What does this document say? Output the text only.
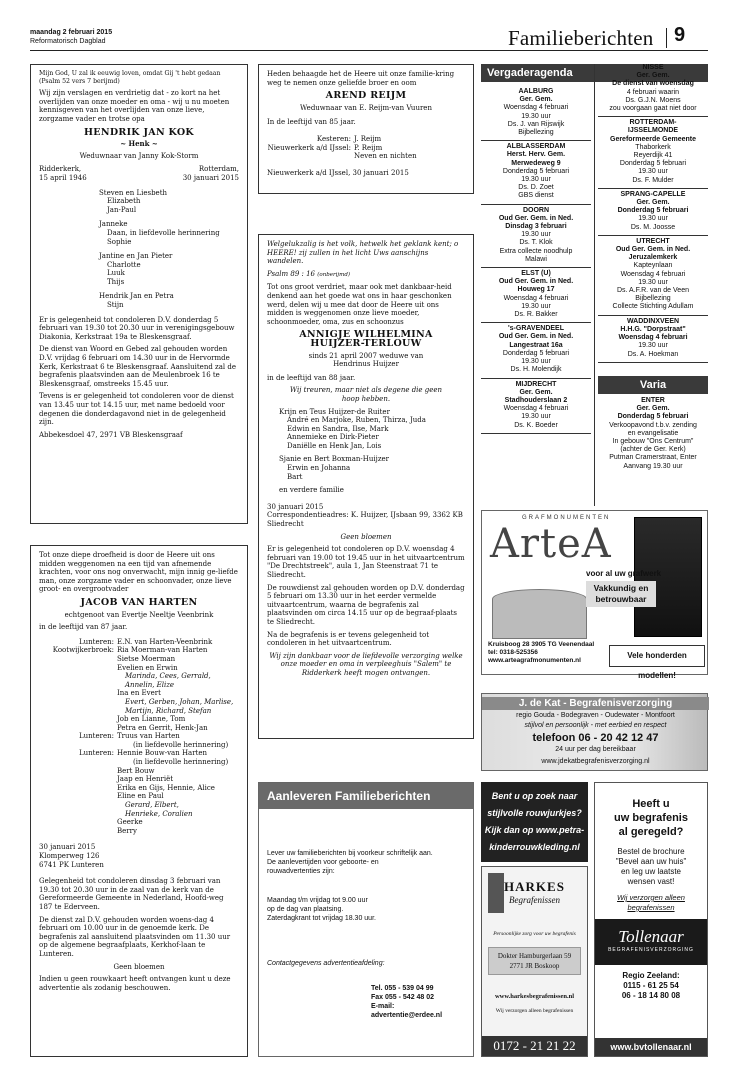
maandag 2 februari 2015
Reformatorisch Dagblad	Familieberichten 9

Mijn God, U zal ik eeuwig loven, omdat Gij 't hebt gedaan (Psalm 52 vers 7 berijmd)

Wij zijn verslagen en verdrietig dat - zo kort na het overlijden van onze moeder en oma - wij u nu moeten kennisgeven van het overlijden van onze lieve, zorgzame vader en trotse opa

HENDRIK JAN KOK
~ Henk ~
Weduwnaar van Janny Kok-Storm
Ridderkerk,	Rotterdam,
15 april 1946	30 januari 2015
Steven en Liesbeth
Elizabeth
Jan-Paul
Janneke
Daan, in liefdevolle herinnering
Sophie
Jantine en Jan Pieter
Charlotte
Luuk
Thijs
Hendrik Jan en Petra
Stijn

Er is gelegenheid tot condoleren D.V. donderdag 5 februari van 19.30 tot 20.30 uur in verenigingsgebouw Diakonia, Kerkstraat 19a te Bleskensgraaf.

De dienst van Woord en Gebed zal gehouden worden D.V. vrijdag 6 februari om 14.30 uur in de Hervormde Kerk, Kerkstraat 6 te Bleskensgraaf. Aansluitend zal de begrafenis plaatsvinden aan de Meulenbroek 16 te Bleskensgraaf, omstreeks 15.45 uur.

Tevens is er gelegenheid tot condoleren voor de dienst van 13.45 uur tot 14.15 uur, met name bedoeld voor degenen die donderdagavond niet in de gelegenheid zijn.

Abbekesdoel 47, 2971 VB Bleskensgraaf

Heden behaagde het de Heere uit onze familie-kring weg te nemen onze geliefde broer en oom

AREND REIJM
Weduwnaar van E. Reijm-van Vuuren

In de leeftijd van 85 jaar.

Kesteren: J. Reijm
Nieuwerkerk a/d IJssel: P. Reijm
Neven en nichten

Nieuwerkerk a/d IJssel, 30 januari 2015

Welgelukzalig is het volk, hetwelk het geklank kent; o HEERE! zij zullen in het licht Uws aanschijns wandelen.

Psalm 89 : 16 (onberijmd)

Tot ons groot verdriet, maar ook met dankbaar-heid denkend aan het goede wat ons in haar geschonken werd, delen wij u mee dat door de Heere uit ons midden is weggenomen onze lieve moeder, schoonmoeder, oma, zus en schoonzus

ANNIGJE WILHELMINA
HUIJZER-TERLOUW
sinds 21 april 2007 weduwe van
Hendrinus Huijzer

in de leeftijd van 88 jaar.

Wij treuren, maar niet als degene die geen hoop hebben.

Krijn en Teus Huijzer-de Ruiter
André en Marjoke, Ruben, Thirza, Juda
Edwin en Sandra, Ilse, Mark
Annemieke en Dirk-Pieter
Daniëlle en Henk Jan, Lois
Sjanie en Bert Boxman-Huijzer
Erwin en Johanna
Bart

en verdere familie

30 januari 2015

Correspondentieadres: K. Huijzer, IJsbaan 99, 3362 KB Sliedrecht

Geen bloemen

Er is gelegenheid tot condoleren op D.V. woensdag 4 februari van 19.00 tot 19.45 uur in het uitvaartcentrum "De Drechtstreek", aula 1, Jan Steenstraat 71 te Sliedrecht.

De rouwdienst zal gehouden worden op D.V. donderdag 5 februari om 13.30 uur in het eerder vermelde uitvaartcentrum, waarna de begrafenis zal plaatsvinden om circa 14.15 uur op de begraaf-plaats te Sliedrecht.

Na de begrafenis is er tevens gelegenheid tot condoleren in het uitvaartcentrum.

Wij zijn dankbaar voor de liefdevolle verzorging welke onze moeder en oma in verpleeghuis "Salem" te Ridderkerk heeft mogen ontvangen.

Tot onze diepe droefheid is door de Heere uit ons midden weggenomen na een tijd van afnemende krachten, voor ons nog onverwacht, mijn innig ge-liefde man, onze zorgzame vader en schoonvader, onze lieve groot- en overgrootvader

JACOB VAN HARTEN
echtgenoot van Evertje Neeltje Veenbrink

in de leeftijd van 87 jaar.

Lunteren: E.N. van Harten-Veenbrink
Kootwijkerbroek: Ria Moerman-van Harten
Sietse Moerman
Evelien en Erwin
Marinda, Cees, Gerrald,
Annelin, Elize
Ina en Evert
Evert, Gerben, Johan, Marlise,
Martijn, Richard, Stefan
Job en Lianne, Tom
Petra en Gerrit, Henk-Jan
Lunteren: Truus van Harten
(in liefdevolle herinnering)
Lunteren: Hennie Bouw-van Harten
(in liefdevolle herinnering)
Bert Bouw
Jaap en Henriët
Erika en Gijs, Hennie, Alice
Eline en Paul
Gerard, Elbert,
Henrieke, Coralien
Geerke
Berry
30 januari 2015
Klomperweg 126
6741 PK Lunteren

Gelegenheid tot condoleren dinsdag 3 februari van 19.30 tot 20.30 uur in de zaal van de kerk van de Gereformeerde Gemeente in Nederland, Hoofd-weg 187 te Ederveen.

De dienst zal D.V. gehouden worden woens-dag 4 februari om 10.00 uur in de genoemde kerk. De begrafenis zal aansluitend plaatsvinden om 11.30 uur op de algemene begraafplaats, Kerkhof-laan te Lunteren.

Geen bloemen

Indien u geen rouwkaart heeft ontvangen kunt u deze advertentie als zodanig beschouwen.

Vergaderagenda
AALBURG
Ger. Gem.
Woensdag 4 februari
19.30 uur
Ds. J. van Rijswijk
Bijbellezing
ALBLASSERDAM
Herst. Herv. Gem.
Merwedeweg 9
Donderdag 5 februari
19.30 uur
Ds. D. Zoet
GBS dienst
DOORN
Oud Ger. Gem. in Ned.
Dinsdag 3 februari
19.30 uur
Ds. T. Klok
Extra collecte noodhulp
Malawi
ELST (U)
Oud Ger. Gem. in Ned.
Houweg 17
Woensdag 4 februari
19.30 uur
Ds. R. Bakker
's-GRAVENDEEL
Oud Ger. Gem. in Ned.
Langestraat 16a
Donderdag 5 februari
19.30 uur
Ds. H. Molendijk
MIJDRECHT
Ger. Gem.
Stadhouderslaan 2
Woensdag 4 februari
19.30 uur
Ds. K. Boeder
NISSE
Ger. Gem.
De dienst van woensdag
4 februari waarin
Ds. G.J.N. Moens
zou voorgaan gaat niet door
ROTTERDAM-
IJSSELMONDE
Gereformeerde Gemeente
Thaborkerk
Reyerdijk 41
Donderdag 5 februari
19.30 uur
Ds. F. Mulder
SPRANG-CAPELLE
Ger. Gem.
Donderdag 5 februari
19.30 uur
Ds. M. Joosse
UTRECHT
Oud Ger. Gem. in Ned.
Jeruzalemkerk
Kapteynlaan
Woensdag 4 februari
19.30 uur
Ds. A.F.R. van de Veen
Bijbellezing
Collecte Stichting Adullam
WADDINXVEEN
H.H.G. "Dorpstraat"
Woensdag 4 februari
19.30 uur
Ds. A. Hoekman
Varia
ENTER
Ger. Gem.
Donderdag 5 februari
Verkoopavond t.b.v. zending
en evangelisatie
In gebouw "Ons Centrum"
(achter de Ger. Kerk)
Putman Cramerstraat, Enter
Aanvang 19.30 uur
GRAFMONUMENTEN
ArteA
voor al uw grafwerk
Vakkundig en
betrouwbaar
Kruisboog 28 3905 TG Veenendaal
tel: 0318-525356
www.arteagrafmonumenten.nl
Vele honderden modellen!
J. de Kat - Begrafenisverzorging
regio Gouda - Bodegraven - Oudewater - Montfoort
stijlvol en persoonlijk - met eerbied en respect
telefoon 06 - 20 42 12 47
24 uur per dag bereikbaar
www.jdekatbegrafenisverzorging.nl
Aanleveren Familieberichten
Lever uw familieberichten bij voorkeur schriftelijk aan.
De aanlevertijden voor geboorte- en
rouwadvertenties zijn:
Maandag t/m vrijdag tot 9.00 uur
op de dag van plaatsing.
Zaterdagkrant tot vrijdag 18.30 uur.
Contactgegevens advertentieafdeling:
Tel. 055 - 539 04 99
Fax 055 - 542 48 02
E-mail: advertentie@erdee.nl
Bent u op zoek naar
stijlvolle rouwjurkjes?
Kijk dan op www.petra-
kinderrouwkleding.nl
HARKES
Begrafenissen
Persoonlijke zorg voor uw begrafenis
Dokter Hamburgerlaan 59
2771 JR Boskoop
www.harkesbegrafenissen.nl
Wij verzorgen alleen begrafenissen
0172 - 21 21 22
Heeft u
uw begrafenis
al geregeld?
Bestel de brochure
"Bevel aan uw huis"
en leg uw laatste
wensen vast!
Wij verzorgen alleen
begrafenissen
Tollenaar
BEGRAFENISVERZORGING
Regio Zeeland:
0115 - 61 25 54
06 - 18 14 80 08
www.bvtollenaar.nl
